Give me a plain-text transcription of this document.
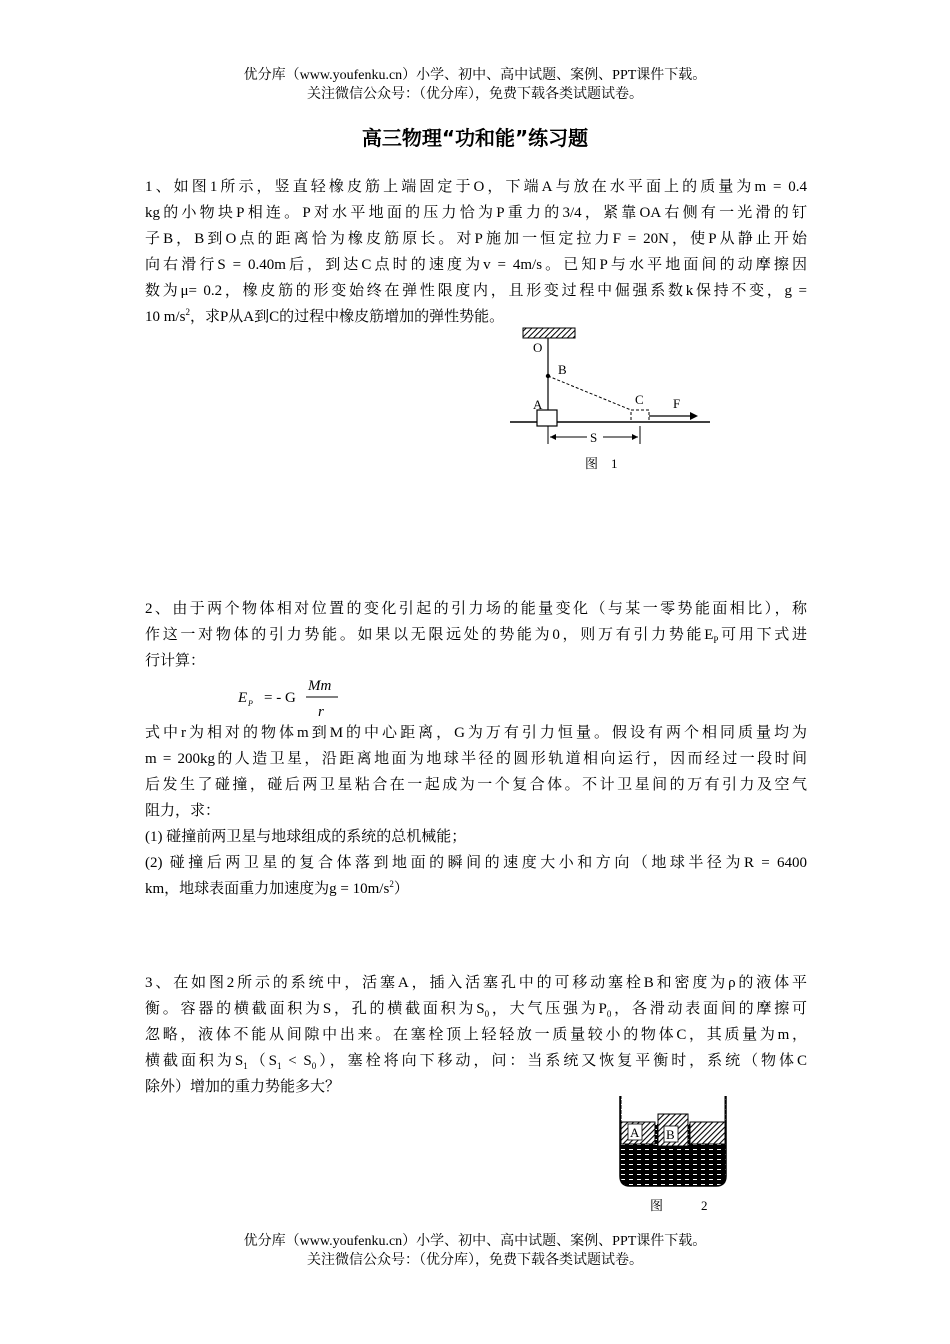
优分库（www.youfenku.cn）小学、初中、高中试题、案例、PPT课件下载。
关注微信公众号：（优分库），免费下载各类试题试卷。
高三物理“功和能”练习题
1、如图1所示，竖直轻橡皮筋上端固定于O，下端A与放在水平面上的质量为m = 0.4
kg的小物块P相连。P对水平地面的压力恰为P重力的3/4，紧靠OA右侧有一光滑的钉
子B，B到O点的距离恰为橡皮筋原长。对P施加一恒定拉力F = 20N，使P从静止开始
向右滑行S = 0.40m后，到达C点时的速度为v = 4m/s。已知P与水平地面间的动摩擦因
数为μ= 0.2，橡皮筋的形变始终在弹性限度内，且形变过程中倔强系数k保持不变，g =
10 $m/s^2$，求P从A到C的过程中橡皮筋增加的弹性势能。
O
B
A	C F
S
图　1
2、由于两个物体相对位置的变化引起的引力场的能量变化（与某一零势能面相比），称
作这一对物体的引力势能。如果以无限远处的势能为0，则万有引力势能$E_P$可用下式进
行计算：
E P = - G
Mm
r
式中r为相对的物体m到M的中心距离，G为万有引力恒量。假设有两个相同质量均为
m = 200kg的人造卫星，沿距离地面为地球半径的圆形轨道相向运行，因而经过一段时间
后发生了碰撞，碰后两卫星粘合在一起成为一个复合体。不计卫星间的万有引力及空气
阻力，求：
(1) 碰撞前两卫星与地球组成的系统的总机械能；
(2) 碰撞后两卫星的复合体落到地面的瞬间的速度大小和方向（地球半径为R = 6400
km，地球表面重力加速度为$g = 10m/s^2$）
3、在如图2所示的系统中，活塞A，插入活塞孔中的可移动塞栓B和密度为ρ的液体平
衡。容器的横截面积为S，孔的横截面积为$S_0$，大气压强为$P_0$，各滑动表面间的摩擦可
忽略，液体不能从间隙中出来。在塞栓顶上轻轻放一质量较小的物体C，其质量为m，
横截面积为$S_1(S_1 < S_0)$，塞栓将向下移动，问：当系统又恢复平衡时，系统（物体C
除外）增加的重力势能多大？
A B
图	2
优分库（www.youfenku.cn）小学、初中、高中试题、案例、PPT课件下载。
关注微信公众号：（优分库），免费下载各类试题试卷。
